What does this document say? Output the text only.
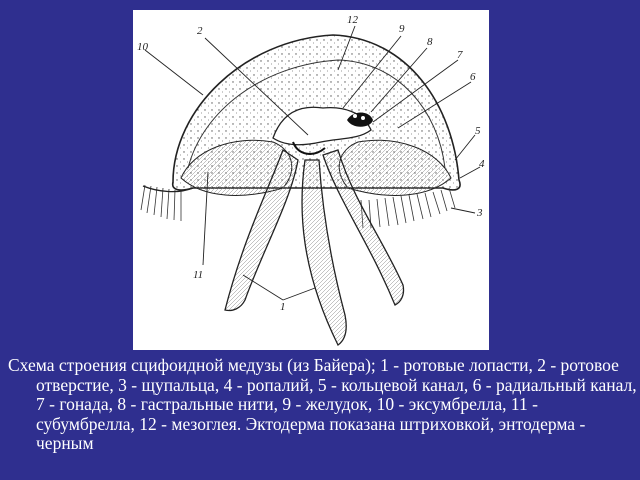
2
12
9
8
7
6
10
5
4
3
11
1
Схема строения сцифоидной медузы (из Байера); 1 - ротовые лопасти, 2 - ротовое отверстие, 3 - щупальца, 4 - ропалий, 5 - кольцевой канал, 6 - радиальный канал, 7 - гонада, 8 - гастральные нити, 9 - желудок, 10 - эксумбрелла, 11 - субумбрелла, 12 - мезоглея. Эктодерма показана штриховкой, энтодерма - черным
